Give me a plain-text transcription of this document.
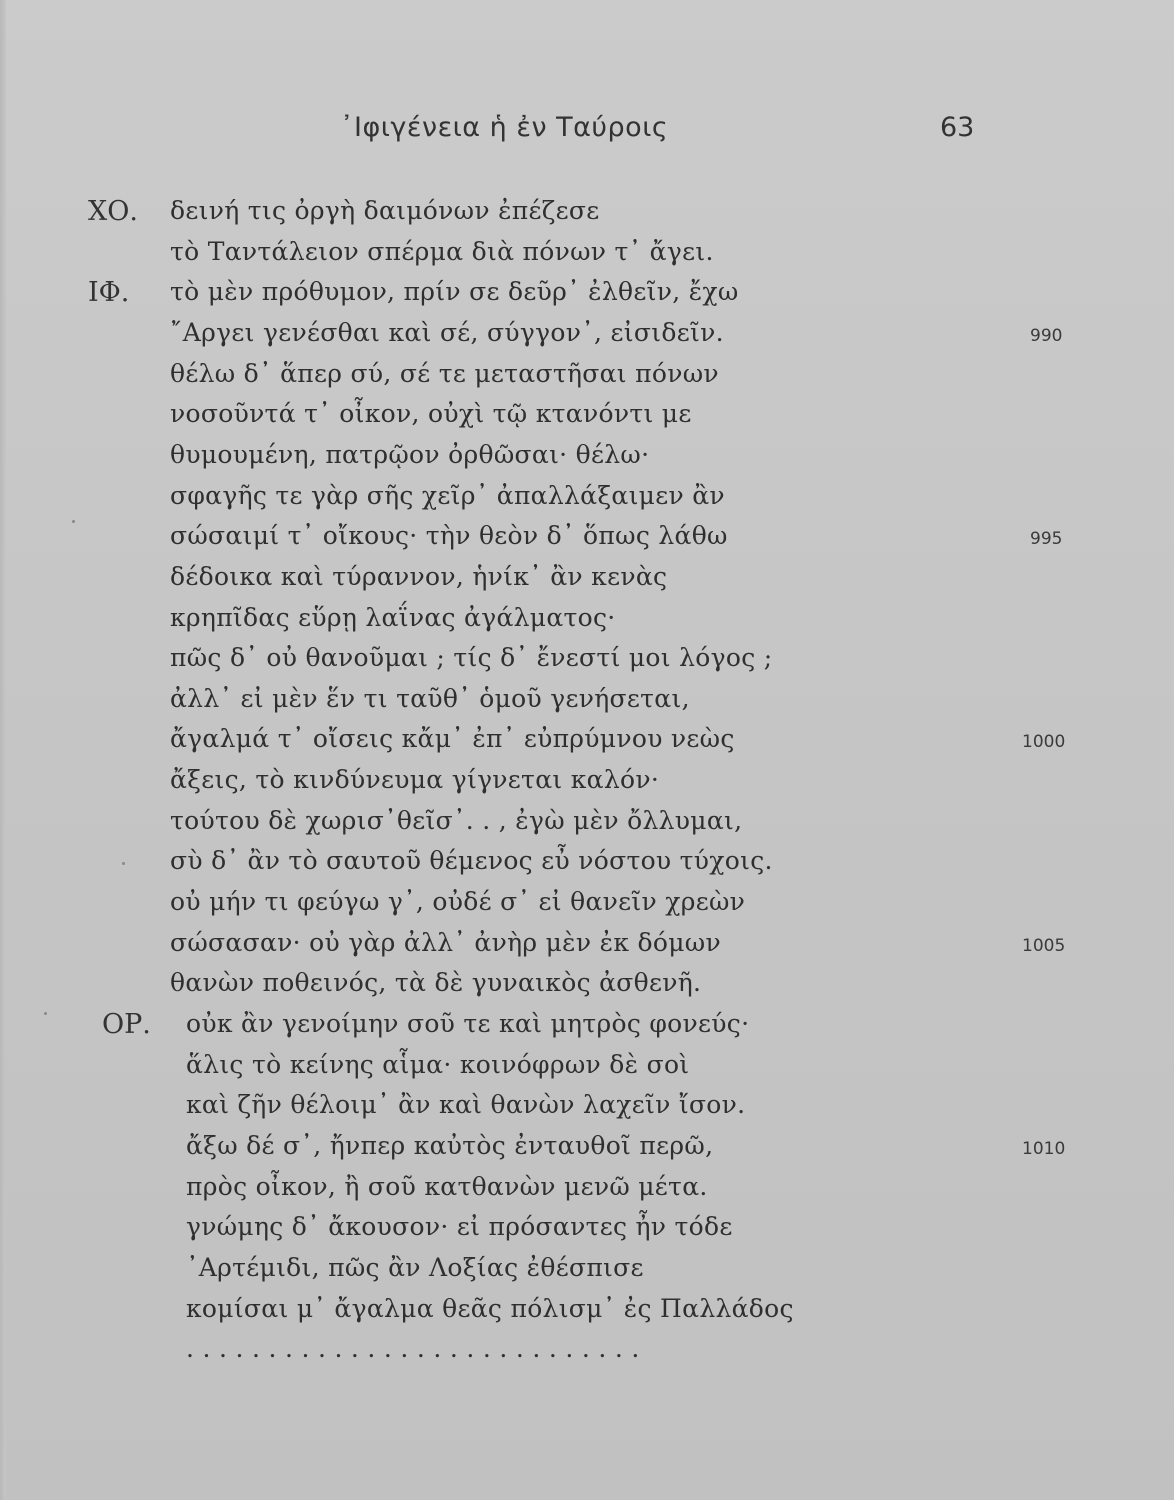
᾿Ιφιγένεια ἡ ἐν Ταύροις	63
ΧΟ. δεινή τις ὀργὴ δαιμόνων ἐπέζεσε
τὸ Ταντάλειον σπέρμα διὰ πόνων τ᾿ ἄγει.
ΙΦ. τὸ μὲν πρόθυμον, πρίν σε δεῦρ᾿ ἐλθεῖν, ἔχω
῎Αργει γενέσθαι καὶ σέ, σύγγον᾿, εἰσιδεῖν.	990
θέλω δ᾿ ἅπερ σύ, σέ τε μεταστῆσαι πόνων
νοσοῦντά τ᾿ οἶκον, οὐχὶ τῷ κτανόντι με
θυμουμένη, πατρῷον ὀρθῶσαι· θέλω·
σφαγῆς τε γὰρ σῆς χεῖρ᾿ ἀπαλλάξαιμεν ἂν
σώσαιμί τ᾿ οἴκους· τὴν θεὸν δ᾿ ὅπως λάθω	995
δέδοικα καὶ τύραννον, ἡνίκ᾿ ἂν κενὰς
κρηπῖδας εὕρῃ λαΐνας ἀγάλματος·
πῶς δ᾿ οὐ θανοῦμαι ; τίς δ᾿ ἔνεστί μοι λόγος ;
ἀλλ᾿ εἰ μὲν ἕν τι ταῦθ᾿ ὁμοῦ γενήσεται,
ἄγαλμά τ᾿ οἴσεις κἄμ᾿ ἐπ᾿ εὐπρύμνου νεὼς	1000
ἄξεις, τὸ κινδύνευμα γίγνεται καλόν·
τούτου δὲ χωρισ᾿θεῖσ᾿. . , ἐγὼ μὲν ὄλλυμαι,
σὺ δ᾿ ἂν τὸ σαυτοῦ θέμενος εὖ νόστου τύχοις.
οὐ μήν τι φεύγω γ᾿, οὐδέ σ᾿ εἰ θανεῖν χρεὼν
σώσασαν· οὐ γὰρ ἀλλ᾿ ἀνὴρ μὲν ἐκ δόμων	1005
θανὼν ποθεινός, τὰ δὲ γυναικὸς ἀσθενῆ.
ΟΡ. οὐκ ἂν γενοίμην σοῦ τε καὶ μητρὸς φονεύς·
ἅλις τὸ κείνης αἷμα· κοινόφρων δὲ σοὶ
καὶ ζῆν θέλοιμ᾿ ἂν καὶ θανὼν λαχεῖν ἴσον.
ἄξω δέ σ᾿, ἤνπερ καὐτὸς ἐνταυθοῖ περῶ,	1010
πρὸς οἶκον, ἢ σοῦ κατθανὼν μενῶ μέτα.
γνώμης δ᾿ ἄκουσον· εἰ πρόσαντες ἦν τόδε
᾿Αρτέμιδι, πῶς ἂν Λοξίας ἐθέσπισε
κομίσαι μ᾿ ἄγαλμα θεᾶς πόλισμ᾿ ἐς Παλλάδος
. . . . . . . . . . . . . . . . . . . . . . . . . . . .
